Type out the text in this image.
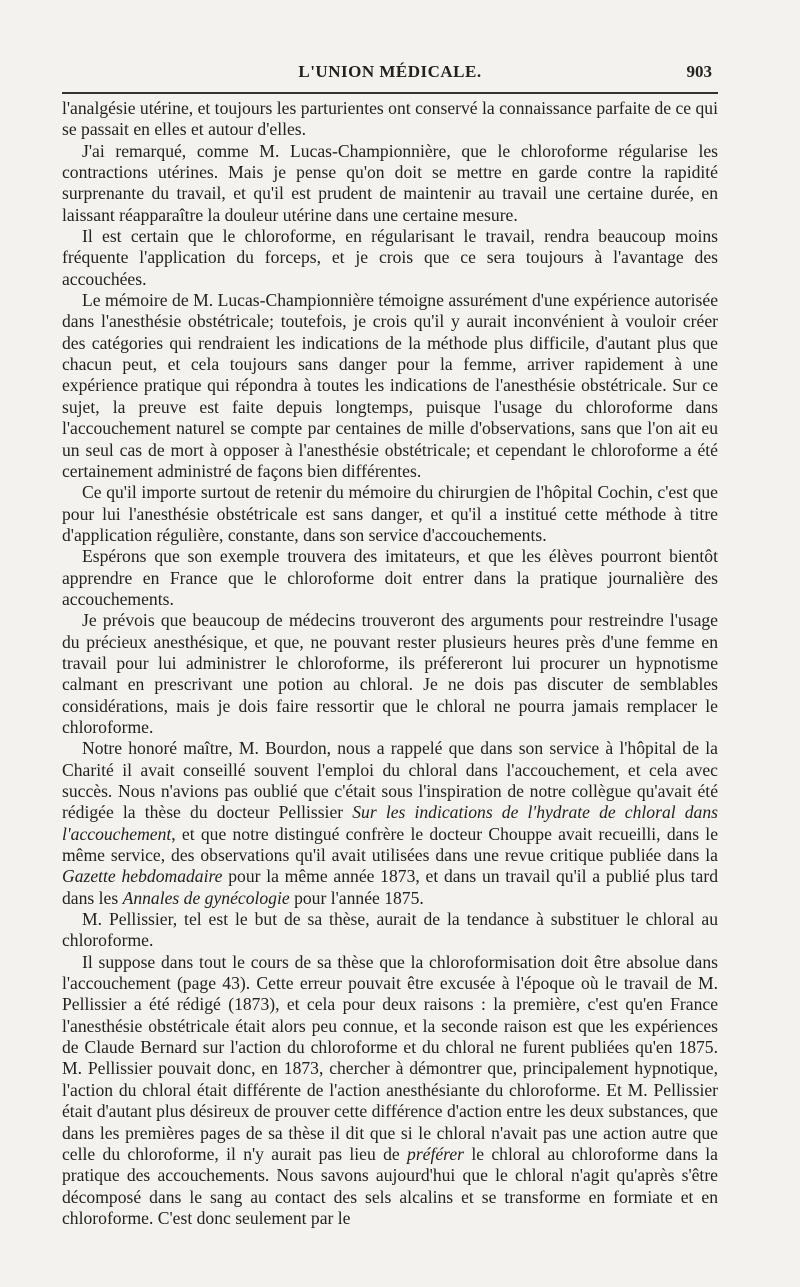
L'UNION MÉDICALE.	903

l'analgésie utérine, et toujours les parturientes ont conservé la connaissance parfaite de ce qui se passait en elles et autour d'elles.

J'ai remarqué, comme M. Lucas-Championnière, que le chloroforme régularise les contractions utérines. Mais je pense qu'on doit se mettre en garde contre la rapidité surprenante du travail, et qu'il est prudent de maintenir au travail une certaine durée, en laissant réapparaître la douleur utérine dans une certaine mesure.

Il est certain que le chloroforme, en régularisant le travail, rendra beaucoup moins fréquente l'application du forceps, et je crois que ce sera toujours à l'avantage des accouchées.

Le mémoire de M. Lucas-Championnière témoigne assurément d'une expérience autorisée dans l'anesthésie obstétricale; toutefois, je crois qu'il y aurait inconvénient à vouloir créer des catégories qui rendraient les indications de la méthode plus difficile, d'autant plus que chacun peut, et cela toujours sans danger pour la femme, arriver rapidement à une expérience pratique qui répondra à toutes les indications de l'anesthésie obstétricale. Sur ce sujet, la preuve est faite depuis longtemps, puisque l'usage du chloroforme dans l'accouchement naturel se compte par centaines de mille d'observations, sans que l'on ait eu un seul cas de mort à opposer à l'anesthésie obstétricale; et cependant le chloroforme a été certainement administré de façons bien différentes.

Ce qu'il importe surtout de retenir du mémoire du chirurgien de l'hôpital Cochin, c'est que pour lui l'anesthésie obstétricale est sans danger, et qu'il a institué cette méthode à titre d'application régulière, constante, dans son service d'accouchements.

Espérons que son exemple trouvera des imitateurs, et que les élèves pourront bientôt apprendre en France que le chloroforme doit entrer dans la pratique journalière des accouchements.

Je prévois que beaucoup de médecins trouveront des arguments pour restreindre l'usage du précieux anesthésique, et que, ne pouvant rester plusieurs heures près d'une femme en travail pour lui administrer le chloroforme, ils préfereront lui procurer un hypnotisme calmant en prescrivant une potion au chloral. Je ne dois pas discuter de semblables considérations, mais je dois faire ressortir que le chloral ne pourra jamais remplacer le chloroforme.

Notre honoré maître, M. Bourdon, nous a rappelé que dans son service à l'hôpital de la Charité il avait conseillé souvent l'emploi du chloral dans l'accouchement, et cela avec succès. Nous n'avions pas oublié que c'était sous l'inspiration de notre collègue qu'avait été rédigée la thèse du docteur Pellissier Sur les indications de l'hydrate de chloral dans l'accouchement, et que notre distingué confrère le docteur Chouppe avait recueilli, dans le même service, des observations qu'il avait utilisées dans une revue critique publiée dans la Gazette hebdomadaire pour la même année 1873, et dans un travail qu'il a publié plus tard dans les Annales de gynécologie pour l'année 1875.

M. Pellissier, tel est le but de sa thèse, aurait de la tendance à substituer le chloral au chloroforme.

Il suppose dans tout le cours de sa thèse que la chloroformisation doit être absolue dans l'accouchement (page 43). Cette erreur pouvait être excusée à l'époque où le travail de M. Pellissier a été rédigé (1873), et cela pour deux raisons : la première, c'est qu'en France l'anesthésie obstétricale était alors peu connue, et la seconde raison est que les expériences de Claude Bernard sur l'action du chloroforme et du chloral ne furent publiées qu'en 1875. M. Pellissier pouvait donc, en 1873, chercher à démontrer que, principalement hypnotique, l'action du chloral était différente de l'action anesthésiante du chloroforme. Et M. Pellissier était d'autant plus désireux de prouver cette différence d'action entre les deux substances, que dans les premières pages de sa thèse il dit que si le chloral n'avait pas une action autre que celle du chloroforme, il n'y aurait pas lieu de préférer le chloral au chloroforme dans la pratique des accouchements. Nous savons aujourd'hui que le chloral n'agit qu'après s'être décomposé dans le sang au contact des sels alcalins et se transforme en formiate et en chloroforme. C'est donc seulement par le
